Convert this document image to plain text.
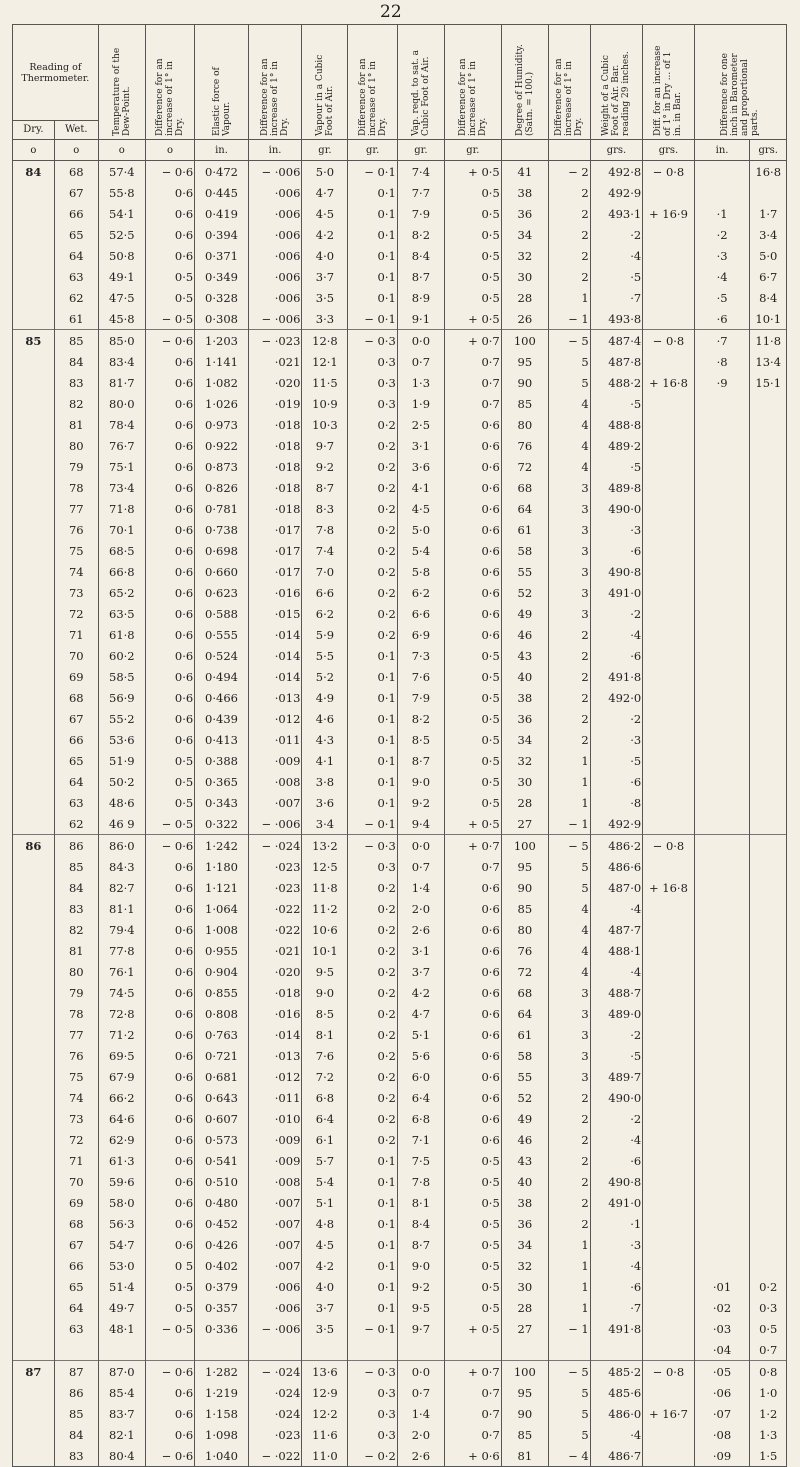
22
Reading of Thermometer.		Temperature of the Dew-Point.	Difference for an increase of 1° in Dry.	Elastic force of Vapour.	Difference for an increase of 1° in Dry.	Vapour in a Cubic Foot of Air.	Difference for an increase of 1° in Dry.	Vap. reqd. to sat. a Cubic Foot of Air.	Difference for an increase of 1° in Dry.	Degree of Humidity. (Satn. = 100.)	Difference for an increase of 1° in Dry.	Weight of a Cubic Foot of Air. Bar. reading 29 inches.	Diff. for an increase of 1° in Dry ... of 1 in. in Bar.	Difference for one inch in Barometer and proportional parts.	
Dry.	Wet.														
o	o	o	o	in.	in.	gr.	gr.	gr.	gr.			grs.	grs.	in.	grs.
84	68	57·4	− 0·6	0·472	− ·006	5·0	− 0·1	7·4	+ 0·5	41	− 2	492·8	− 0·8		16·8
	67	55·8	0·6	0·445	·006	4·7	0·1	7·7	0·5	38	2	492·9			
	66	54·1	0·6	0·419	·006	4·5	0·1	7·9	0·5	36	2	493·1	+ 16·9	·1	1·7
	65	52·5	0·6	0·394	·006	4·2	0·1	8·2	0·5	34	2	·2		·2	3·4
	64	50·8	0·6	0·371	·006	4·0	0·1	8·4	0·5	32	2	·4		·3	5·0
	63	49·1	0·5	0·349	·006	3·7	0·1	8·7	0·5	30	2	·5		·4	6·7
	62	47·5	0·5	0·328	·006	3·5	0·1	8·9	0·5	28	1	·7		·5	8·4
	61	45·8	− 0·5	0·308	− ·006	3·3	− 0·1	9·1	+ 0·5	26	− 1	493·8		·6	10·1
85	85	85·0	− 0·6	1·203	− ·023	12·8	− 0·3	0·0	+ 0·7	100	− 5	487·4	− 0·8	·7	11·8
	84	83·4	0·6	1·141	·021	12·1	0·3	0·7	0·7	95	5	487·8		·8	13·4
	83	81·7	0·6	1·082	·020	11·5	0·3	1·3	0·7	90	5	488·2	+ 16·8	·9	15·1
	82	80·0	0·6	1·026	·019	10·9	0·3	1·9	0·7	85	4	·5			
	81	78·4	0·6	0·973	·018	10·3	0·2	2·5	0·6	80	4	488·8			
	80	76·7	0·6	0·922	·018	9·7	0·2	3·1	0·6	76	4	489·2			
	79	75·1	0·6	0·873	·018	9·2	0·2	3·6	0·6	72	4	·5			
	78	73·4	0·6	0·826	·018	8·7	0·2	4·1	0·6	68	3	489·8			
	77	71·8	0·6	0·781	·018	8·3	0·2	4·5	0·6	64	3	490·0			
	76	70·1	0·6	0·738	·017	7·8	0·2	5·0	0·6	61	3	·3			
	75	68·5	0·6	0·698	·017	7·4	0·2	5·4	0·6	58	3	·6			
	74	66·8	0·6	0·660	·017	7·0	0·2	5·8	0·6	55	3	490·8			
	73	65·2	0·6	0·623	·016	6·6	0·2	6·2	0·6	52	3	491·0			
	72	63·5	0·6	0·588	·015	6·2	0·2	6·6	0·6	49	3	·2			
	71	61·8	0·6	0·555	·014	5·9	0·2	6·9	0·6	46	2	·4			
	70	60·2	0·6	0·524	·014	5·5	0·1	7·3	0·5	43	2	·6			
	69	58·5	0·6	0·494	·014	5·2	0·1	7·6	0·5	40	2	491·8			
	68	56·9	0·6	0·466	·013	4·9	0·1	7·9	0·5	38	2	492·0			
	67	55·2	0·6	0·439	·012	4·6	0·1	8·2	0·5	36	2	·2			
	66	53·6	0·6	0·413	·011	4·3	0·1	8·5	0·5	34	2	·3			
	65	51·9	0·5	0·388	·009	4·1	0·1	8·7	0·5	32	1	·5			
	64	50·2	0·5	0·365	·008	3·8	0·1	9·0	0·5	30	1	·6			
	63	48·6	0·5	0·343	·007	3·6	0·1	9·2	0·5	28	1	·8			
	62	46 9	− 0·5	0·322	− ·006	3·4	− 0·1	9·4	+ 0·5	27	− 1	492·9			
86	86	86·0	− 0·6	1·242	− ·024	13·2	− 0·3	0·0	+ 0·7	100	− 5	486·2	− 0·8		
	85	84·3	0·6	1·180	·023	12·5	0·3	0·7	0·7	95	5	486·6			
	84	82·7	0·6	1·121	·023	11·8	0·2	1·4	0·6	90	5	487·0	+ 16·8		
	83	81·1	0·6	1·064	·022	11·2	0·2	2·0	0·6	85	4	·4			
	82	79·4	0·6	1·008	·022	10·6	0·2	2·6	0·6	80	4	487·7			
	81	77·8	0·6	0·955	·021	10·1	0·2	3·1	0·6	76	4	488·1			
	80	76·1	0·6	0·904	·020	9·5	0·2	3·7	0·6	72	4	·4			
	79	74·5	0·6	0·855	·018	9·0	0·2	4·2	0·6	68	3	488·7			
	78	72·8	0·6	0·808	·016	8·5	0·2	4·7	0·6	64	3	489·0			
	77	71·2	0·6	0·763	·014	8·1	0·2	5·1	0·6	61	3	·2			
	76	69·5	0·6	0·721	·013	7·6	0·2	5·6	0·6	58	3	·5			
	75	67·9	0·6	0·681	·012	7·2	0·2	6·0	0·6	55	3	489·7			
	74	66·2	0·6	0·643	·011	6·8	0·2	6·4	0·6	52	2	490·0			
	73	64·6	0·6	0·607	·010	6·4	0·2	6·8	0·6	49	2	·2			
	72	62·9	0·6	0·573	·009	6·1	0·2	7·1	0·6	46	2	·4			
	71	61·3	0·6	0·541	·009	5·7	0·1	7·5	0·5	43	2	·6			
	70	59·6	0·6	0·510	·008	5·4	0·1	7·8	0·5	40	2	490·8			
	69	58·0	0·6	0·480	·007	5·1	0·1	8·1	0·5	38	2	491·0			
	68	56·3	0·6	0·452	·007	4·8	0·1	8·4	0·5	36	2	·1			
	67	54·7	0·6	0·426	·007	4·5	0·1	8·7	0·5	34	1	·3			
	66	53·0	0 5	0·402	·007	4·2	0·1	9·0	0·5	32	1	·4			
	65	51·4	0·5	0·379	·006	4·0	0·1	9·2	0·5	30	1	·6		·01	0·2
	64	49·7	0·5	0·357	·006	3·7	0·1	9·5	0·5	28	1	·7		·02	0·3
	63	48·1	− 0·5	0·336	− ·006	3·5	− 0·1	9·7	+ 0·5	27	− 1	491·8		·03	0·5
														·04	0·7
87	87	87·0	− 0·6	1·282	− ·024	13·6	− 0·3	0·0	+ 0·7	100	− 5	485·2	− 0·8	·05	0·8
	86	85·4	0·6	1·219	·024	12·9	0·3	0·7	0·7	95	5	485·6		·06	1·0
	85	83·7	0·6	1·158	·024	12·2	0·3	1·4	0·7	90	5	486·0	+ 16·7	·07	1·2
	84	82·1	0·6	1·098	·023	11·6	0·3	2·0	0·7	85	5	·4		·08	1·3
	83	80·4	− 0·6	1·040	− ·022	11·0	− 0·2	2·6	+ 0·6	81	− 4	486·7		·09	1·5
